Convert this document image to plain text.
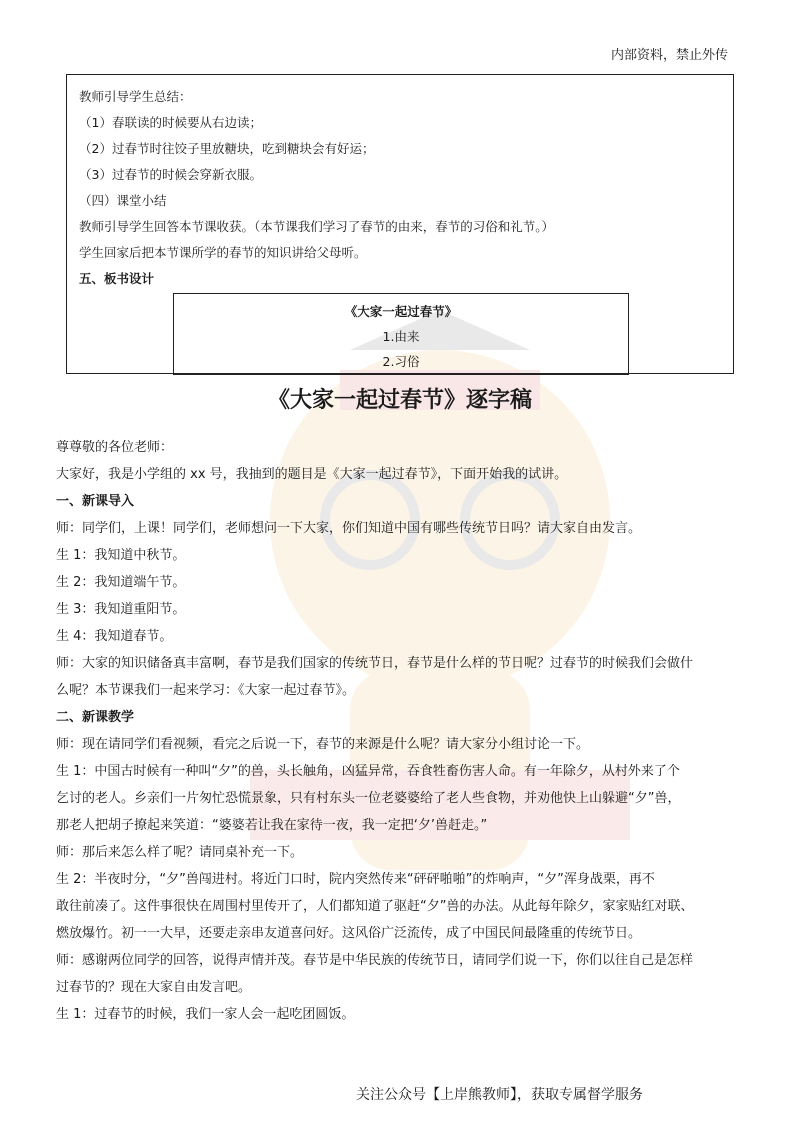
内部资料，禁止外传
教师引导学生总结：
（1）春联读的时候要从右边读；
（2）过春节时往饺子里放糖块，吃到糖块会有好运；
（3）过春节的时候会穿新衣服。
（四）课堂小结
教师引导学生回答本节课收获。（本节课我们学习了春节的由来，春节的习俗和礼节。）
学生回家后把本节课所学的春节的知识讲给父母听。
五、板书设计
《大家一起过春节》
1.由来
2.习俗
《大家一起过春节》逐字稿
尊尊敬的各位老师：
大家好，我是小学组的 xx 号，我抽到的题目是《大家一起过春节》，下面开始我的试讲。
一、新课导入
师：同学们，上课！同学们，老师想问一下大家，你们知道中国有哪些传统节日吗？请大家自由发言。
生 1：我知道中秋节。
生 2：我知道端午节。
生 3：我知道重阳节。
生 4：我知道春节。
师：大家的知识储备真丰富啊，春节是我们国家的传统节日，春节是什么样的节日呢？过春节的时候我们会做什
么呢？本节课我们一起来学习：《大家一起过春节》。
二、新课教学
师：现在请同学们看视频，看完之后说一下，春节的来源是什么呢？请大家分小组讨论一下。
生 1：中国古时候有一种叫“夕”的兽，头长触角，凶猛异常，吞食牲畜伤害人命。有一年除夕，从村外来了个
乞讨的老人。乡亲们一片匆忙恐慌景象，只有村东头一位老婆婆给了老人些食物，并劝他快上山躲避“夕”兽，
那老人把胡子撩起来笑道：“婆婆若让我在家待一夜，我一定把‘夕’兽赶走。”
师：那后来怎么样了呢？请同桌补充一下。
生 2：半夜时分，“夕”兽闯进村。将近门口时，院内突然传来“砰砰啪啪”的炸响声，“夕”浑身战栗，再不
敢往前凑了。这件事很快在周围村里传开了，人们都知道了驱赶“夕”兽的办法。从此每年除夕，家家贴红对联、
燃放爆竹。初一一大早，还要走亲串友道喜问好。这风俗广泛流传，成了中国民间最隆重的传统节日。
师：感谢两位同学的回答，说得声情并茂。春节是中华民族的传统节日，请同学们说一下，你们以往自己是怎样
过春节的？现在大家自由发言吧。
生 1：过春节的时候，我们一家人会一起吃团圆饭。
关注公众号【上岸熊教师】，获取专属督学服务
